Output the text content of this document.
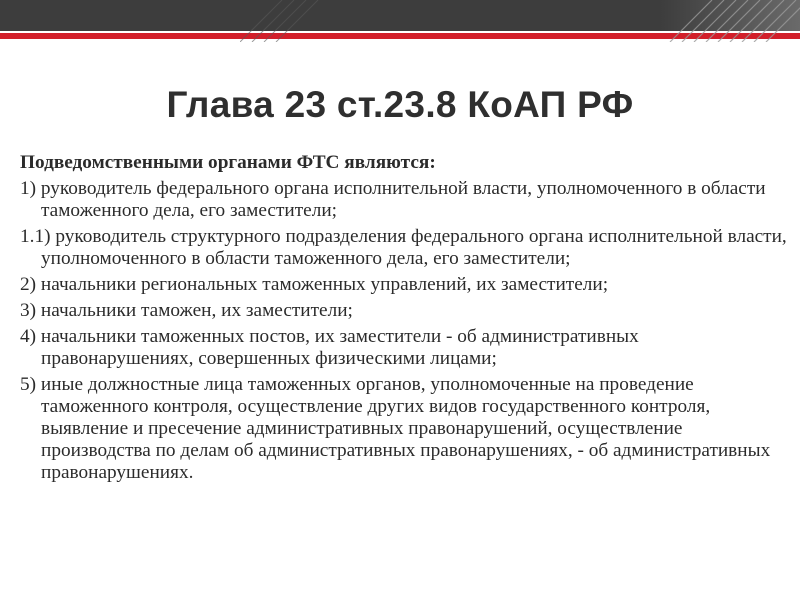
Глава 23 ст.23.8 КоАП РФ

Подведомственными органами ФТС являются:

1) руководитель федерального органа исполнительной власти, уполномоченного в области таможенного дела, его заместители;

1.1) руководитель структурного подразделения федерального органа исполнительной власти, уполномоченного в области таможенного дела, его заместители;

2) начальники региональных таможенных управлений, их заместители;

3) начальники таможен, их заместители;

4) начальники таможенных постов, их заместители - об административных правонарушениях, совершенных физическими лицами;

5) иные должностные лица таможенных органов, уполномоченные на проведение таможенного контроля, осуществление других видов государственного контроля, выявление и пресечение административных правонарушений, осуществление производства по делам об административных правонарушениях, - об административных правонарушениях.
